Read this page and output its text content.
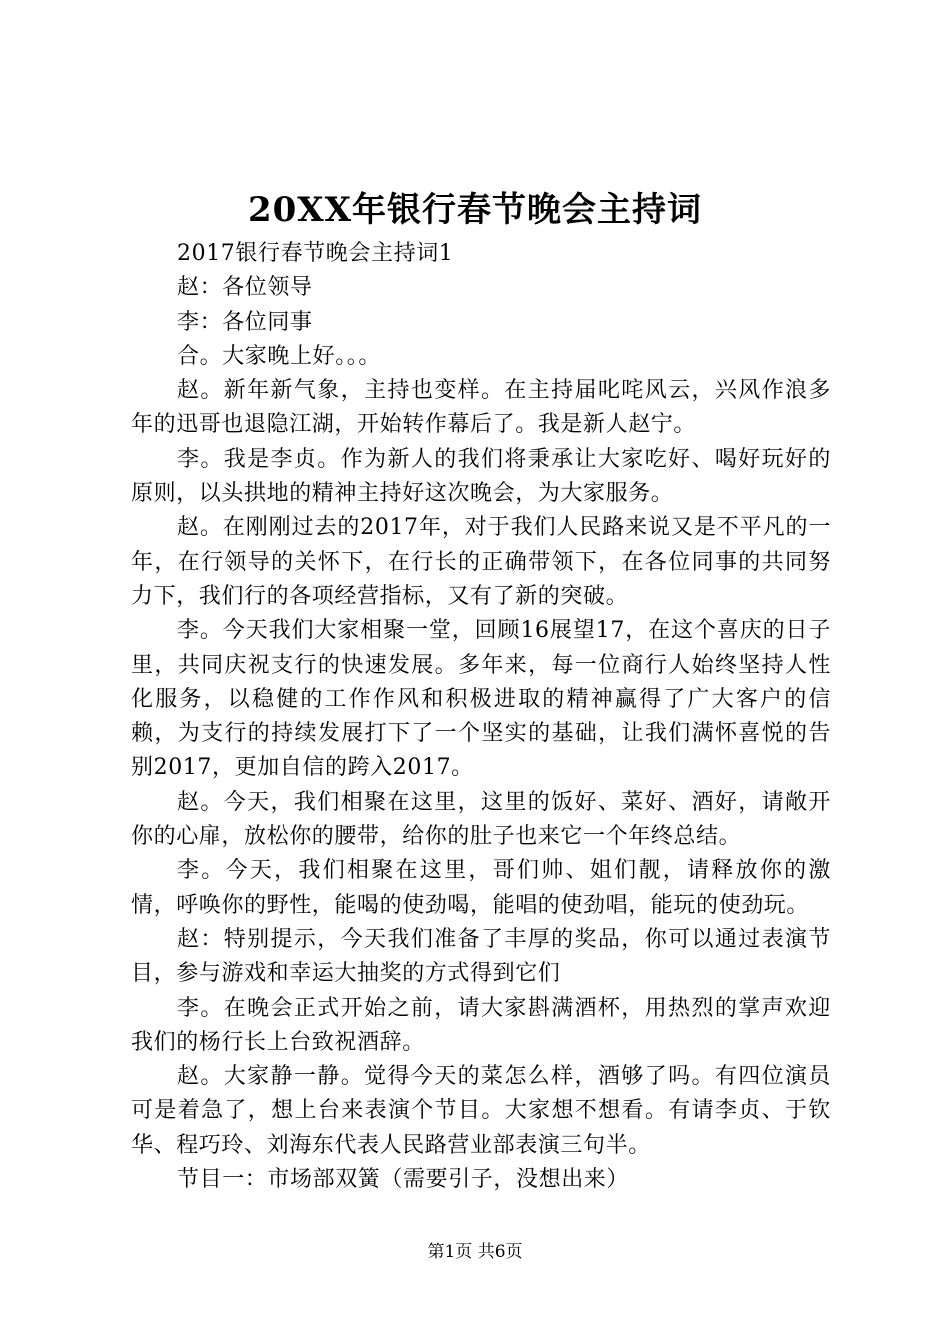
20XX年银行春节晚会主持词

2017银行春节晚会主持词1

赵：各位领导

李：各位同事

合。大家晚上好。。。

赵。新年新气象，主持也变样。在主持届叱咤风云，兴风作浪多年的迅哥也退隐江湖，开始转作幕后了。我是新人赵宁。

李。我是李贞。作为新人的我们将秉承让大家吃好、喝好玩好的原则，以头拱地的精神主持好这次晚会，为大家服务。

赵。在刚刚过去的2017年，对于我们人民路来说又是不平凡的一年，在行领导的关怀下，在行长的正确带领下，在各位同事的共同努力下，我们行的各项经营指标，又有了新的突破。

李。今天我们大家相聚一堂，回顾16展望17，在这个喜庆的日子里，共同庆祝支行的快速发展。多年来，每一位商行人始终坚持人性化服务，以稳健的工作作风和积极进取的精神赢得了广大客户的信赖，为支行的持续发展打下了一个坚实的基础，让我们满怀喜悦的告别2017，更加自信的跨入2017。

赵。今天，我们相聚在这里，这里的饭好、菜好、酒好，请敞开你的心扉，放松你的腰带，给你的肚子也来它一个年终总结。

李。今天，我们相聚在这里，哥们帅、姐们靓，请释放你的激情，呼唤你的野性，能喝的使劲喝，能唱的使劲唱，能玩的使劲玩。

赵：特别提示，今天我们准备了丰厚的奖品，你可以通过表演节目，参与游戏和幸运大抽奖的方式得到它们

李。在晚会正式开始之前，请大家斟满酒杯，用热烈的掌声欢迎我们的杨行长上台致祝酒辞。

赵。大家静一静。觉得今天的菜怎么样，酒够了吗。有四位演员可是着急了，想上台来表演个节目。大家想不想看。有请李贞、于钦华、程巧玲、刘海东代表人民路营业部表演三句半。

节目一：市场部双簧（需要引子，没想出来）

第1页 共6页
